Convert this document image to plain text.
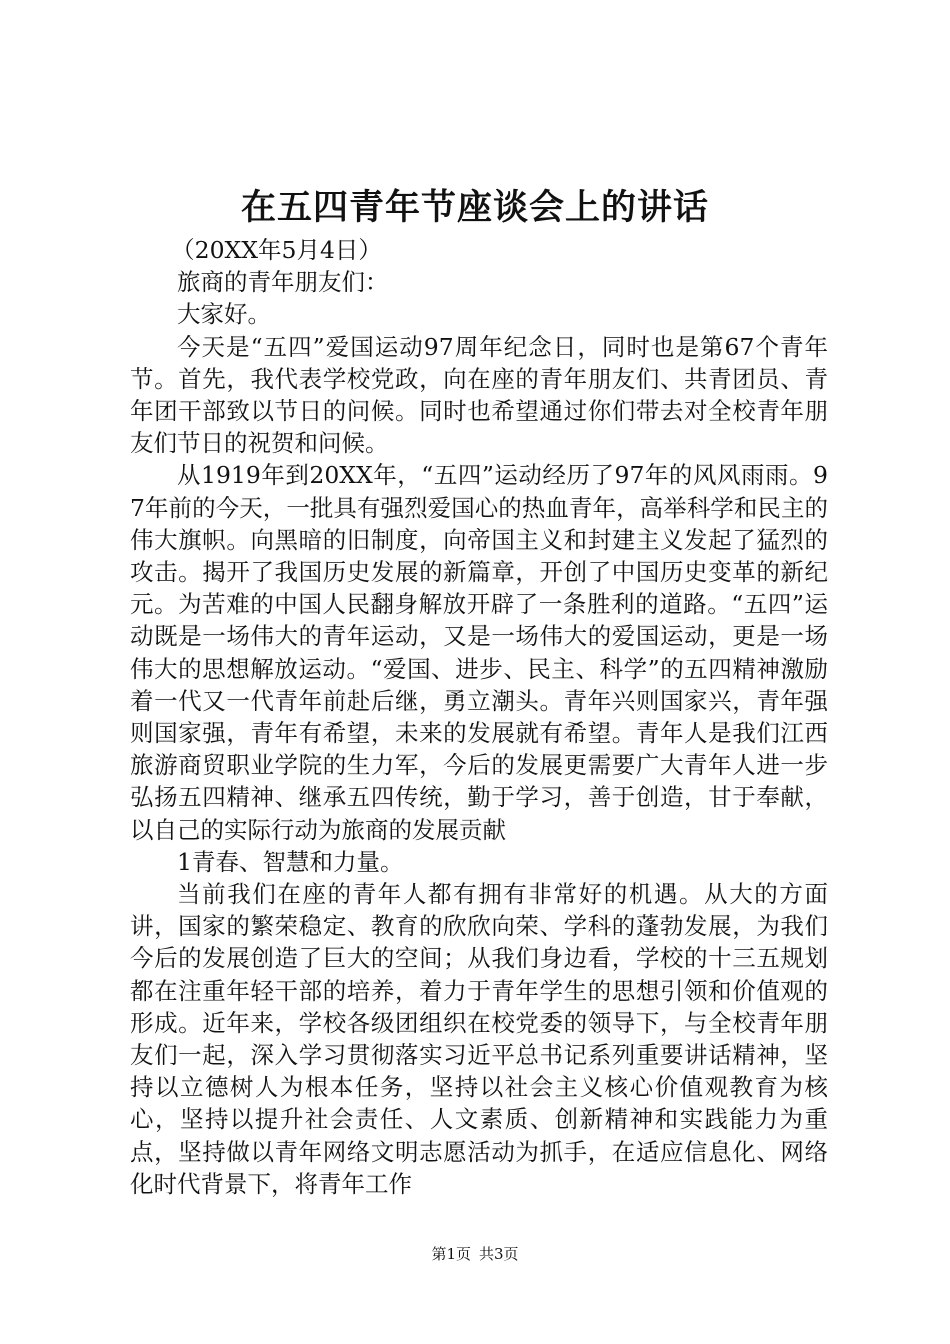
在五四青年节座谈会上的讲话

（20XX年5月4日）

旅商的青年朋友们：

大家好。

今天是“五四”爱国运动97周年纪念日，同时也是第67个青年节。首先，我代表学校党政，向在座的青年朋友们、共青团员、青年团干部致以节日的问候。同时也希望通过你们带去对全校青年朋友们节日的祝贺和问候。

从1919年到20XX年，“五四”运动经历了97年的风风雨雨。97年前的今天，一批具有强烈爱国心的热血青年，高举科学和民主的伟大旗帜。向黑暗的旧制度，向帝国主义和封建主义发起了猛烈的攻击。揭开了我国历史发展的新篇章，开创了中国历史变革的新纪元。为苦难的中国人民翻身解放开辟了一条胜利的道路。“五四”运动既是一场伟大的青年运动，又是一场伟大的爱国运动，更是一场伟大的思想解放运动。“爱国、进步、民主、科学”的五四精神激励着一代又一代青年前赴后继，勇立潮头。青年兴则国家兴，青年强则国家强，青年有希望，未来的发展就有希望。青年人是我们江西旅游商贸职业学院的生力军，今后的发展更需要广大青年人进一步弘扬五四精神、继承五四传统，勤于学习，善于创造，甘于奉献，以自己的实际行动为旅商的发展贡献

1青春、智慧和力量。

当前我们在座的青年人都有拥有非常好的机遇。从大的方面讲，国家的繁荣稳定、教育的欣欣向荣、学科的蓬勃发展，为我们今后的发展创造了巨大的空间；从我们身边看，学校的十三五规划都在注重年轻干部的培养，着力于青年学生的思想引领和价值观的形成。近年来，学校各级团组织在校党委的领导下，与全校青年朋友们一起，深入学习贯彻落实习近平总书记系列重要讲话精神，坚持以立德树人为根本任务，坚持以社会主义核心价值观教育为核心，坚持以提升社会责任、人文素质、创新精神和实践能力为重点，坚持做以青年网络文明志愿活动为抓手，在适应信息化、网络化时代背景下，将青年工作

第1页 共3页
